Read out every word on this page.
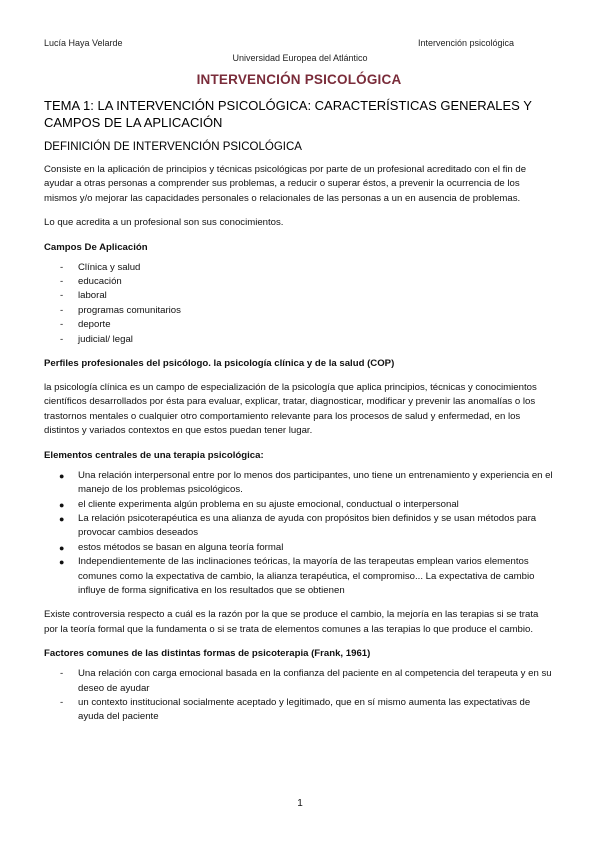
Lucía Haya Velarde	Intervención psicológica
Universidad Europea del Atlántico
INTERVENCIÓN PSICOLÓGICA
TEMA 1: LA INTERVENCIÓN PSICOLÓGICA: CARACTERÍSTICAS GENERALES Y CAMPOS DE LA APLICACIÓN
DEFINICIÓN DE INTERVENCIÓN PSICOLÓGICA

Consiste en la aplicación de principios y técnicas psicológicas por parte de un profesional acreditado con el fin de ayudar a otras personas a comprender sus problemas, a reducir o superar éstos, a prevenir la ocurrencia de los mismos y/o mejorar las capacidades personales o relacionales de las personas a un en ausencia de problemas.

Lo que acredita a un profesional son sus conocimientos.

Campos De Aplicación
- Clínica y salud
- educación
- laboral
- programas comunitarios
- deporte
- judicial/ legal
Perfiles profesionales del psicólogo. la psicología clínica y de la salud (COP)

la psicología clínica es un campo de especialización de la psicología que aplica principios, técnicas y conocimientos científicos desarrollados por ésta para evaluar, explicar, tratar, diagnosticar, modificar y prevenir las anomalías o los trastornos mentales o cualquier otro comportamiento relevante para los procesos de salud y enfermedad, en los distintos y variados contextos en que estos puedan tener lugar.

Elementos centrales de una terapia psicológica:
● Una relación interpersonal entre por lo menos dos participantes, uno tiene un entrenamiento y experiencia en el manejo de los problemas psicológicos.
● el cliente experimenta algún problema en su ajuste emocional, conductual o interpersonal
● La relación psicoterapéutica es una alianza de ayuda con propósitos bien definidos y se usan métodos para provocar cambios deseados
● estos métodos se basan en alguna teoría formal
● Independientemente de las inclinaciones teóricas, la mayoría de las terapeutas emplean varios elementos comunes como la expectativa de cambio, la alianza terapéutica, el compromiso... La expectativa de cambio influye de forma significativa en los resultados que se obtienen

Existe controversia respecto a cuál es la razón por la que se produce el cambio, la mejoría en las terapias si se trata por la teoría formal que la fundamenta o si se trata de elementos comunes a las terapias lo que produce el cambio.

Factores comunes de las distintas formas de psicoterapia (Frank, 1961)
- Una relación con carga emocional basada en la confianza del paciente en al competencia del terapeuta y en su deseo de ayudar
- un contexto institucional socialmente aceptado y legitimado, que en sí mismo aumenta las expectativas de ayuda del paciente
1
